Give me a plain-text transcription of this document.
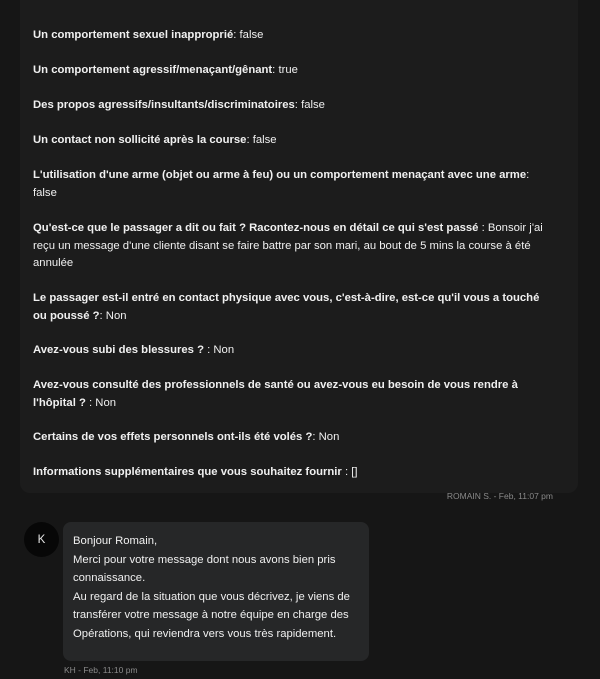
Un comportement sexuel inapproprié: false

Un comportement agressif/menaçant/gênant: true

Des propos agressifs/insultants/discriminatoires: false

Un contact non sollicité après la course: false

L'utilisation d'une arme (objet ou arme à feu) ou un comportement menaçant avec une arme: false

Qu'est-ce que le passager a dit ou fait ? Racontez-nous en détail ce qui s'est passé : Bonsoir j'ai reçu un message d'une cliente disant se faire battre par son mari, au bout de 5 mins la course à été annulée

Le passager est-il entré en contact physique avec vous, c'est-à-dire, est-ce qu'il vous a touché ou poussé ?: Non

Avez-vous subi des blessures ? : Non

Avez-vous consulté des professionnels de santé ou avez-vous eu besoin de vous rendre à l'hôpital ? : Non

Certains de vos effets personnels ont-ils été volés ?: Non

Informations supplémentaires que vous souhaitez fournir : []

ROMAIN S. - Feb, 11:07 pm
K	Bonjour Romain,
Merci pour votre message dont nous avons bien pris
connaissance.
Au regard de la situation que vous décrivez, je viens de
transférer votre message à notre équipe en charge des
Opérations, qui reviendra vers vous très rapidement.
KH - Feb, 11:10 pm
